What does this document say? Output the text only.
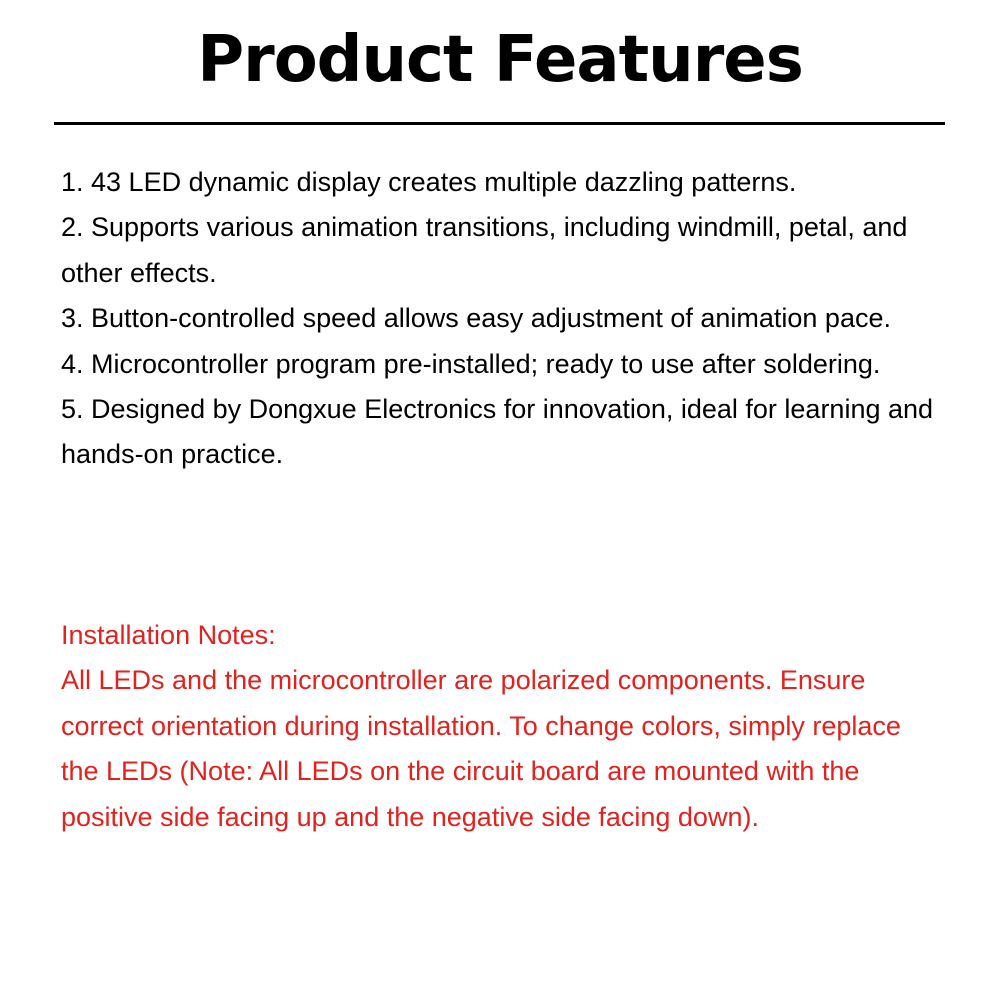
Product Features
1. 43 LED dynamic display creates multiple dazzling patterns.
2. Supports various animation transitions, including windmill, petal, and other effects.
3. Button-controlled speed allows easy adjustment of animation pace.
4. Microcontroller program pre-installed; ready to use after soldering.
5. Designed by Dongxue Electronics for innovation, ideal for learning and hands-on practice.

Installation Notes:

All LEDs and the microcontroller are polarized components. Ensure correct orientation during installation. To change colors, simply replace the LEDs (Note: All LEDs on the circuit board are mounted with the positive side facing up and the negative side facing down).
